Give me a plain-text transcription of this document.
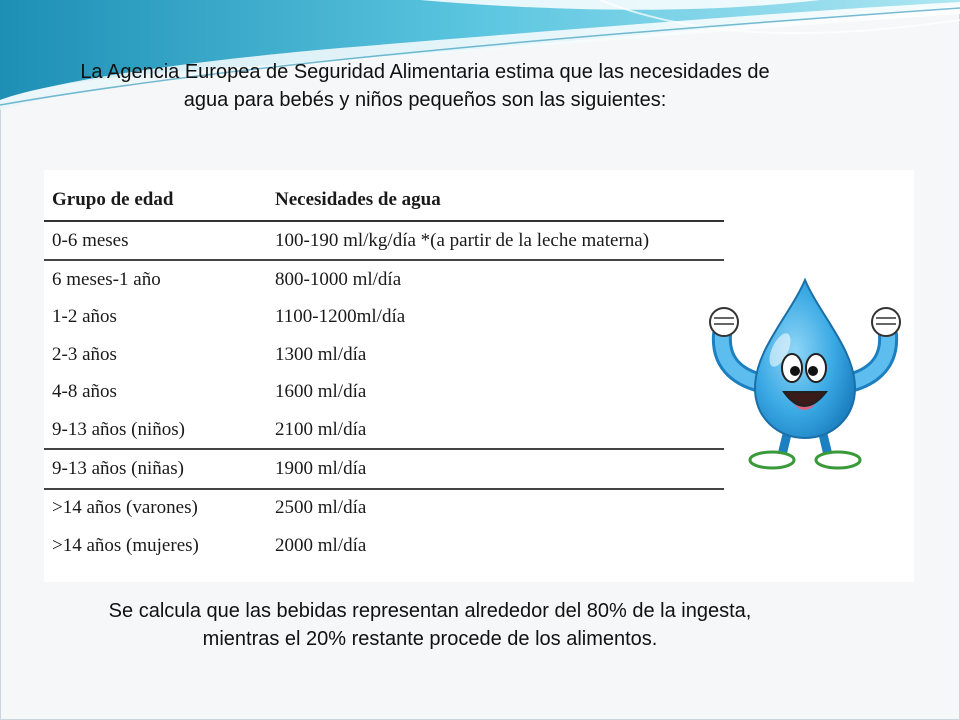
La Agencia Europea de Seguridad Alimentaria estima que las necesidades de agua para bebés y niños pequeños son las siguientes:
Grupo de edad	Necesidades de agua
0-6 meses	100-190 ml/kg/día *(a partir de la leche materna)
6 meses-1 año	800-1000 ml/día
1-2 años	1100-1200ml/día
2-3 años	1300 ml/día
4-8 años	1600 ml/día
9-13 años (niños)	2100 ml/día
9-13 años (niñas)	1900 ml/día
>14 años (varones)	2500 ml/día
>14 años (mujeres)	2000 ml/día
Se calcula que las bebidas representan alrededor del 80% de la ingesta, mientras el 20% restante procede de los alimentos.
